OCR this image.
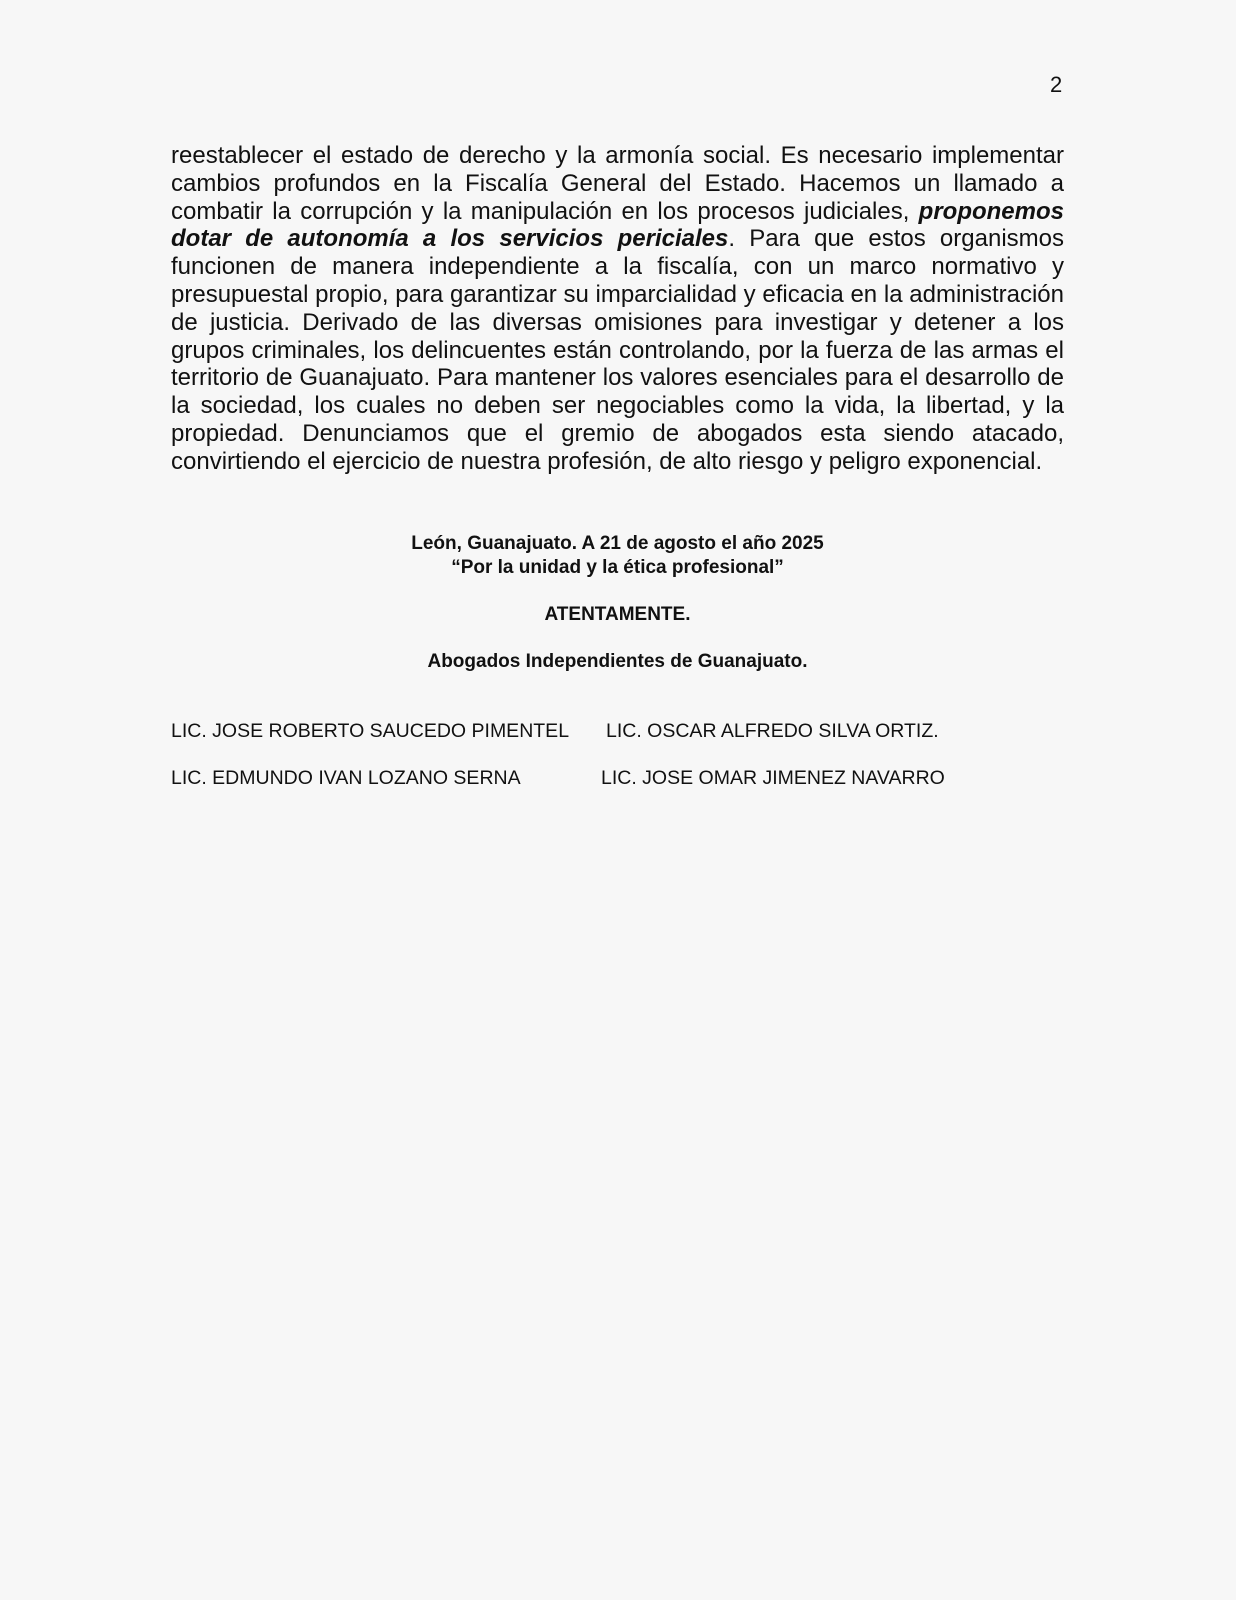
2

reestablecer el estado de derecho y la armonía social. Es necesario implementar cambios profundos en la Fiscalía General del Estado. Hacemos un llamado a combatir la corrupción y la manipulación en los procesos judiciales, proponemos dotar de autonomía a los servicios periciales. Para que estos organismos funcionen de manera independiente a la fiscalía, con un marco normativo y presupuestal propio, para garantizar su imparcialidad y eficacia en la administración de justicia. Derivado de las diversas omisiones para investigar y detener a los grupos criminales, los delincuentes están controlando, por la fuerza de las armas el territorio de Guanajuato. Para mantener los valores esenciales para el desarrollo de la sociedad, los cuales no deben ser negociables como la vida, la libertad, y la propiedad. Denunciamos que el gremio de abogados esta siendo atacado, convirtiendo el ejercicio de nuestra profesión, de alto riesgo y peligro exponencial.

León, Guanajuato. A 21 de agosto el año 2025
“Por la unidad y la ética profesional”
ATENTAMENTE.
Abogados Independientes de Guanajuato.
LIC. JOSE ROBERTO SAUCEDO PIMENTEL LIC. OSCAR ALFREDO SILVA ORTIZ.
LIC. EDMUNDO IVAN LOZANO SERNA	LIC. JOSE OMAR JIMENEZ NAVARRO
